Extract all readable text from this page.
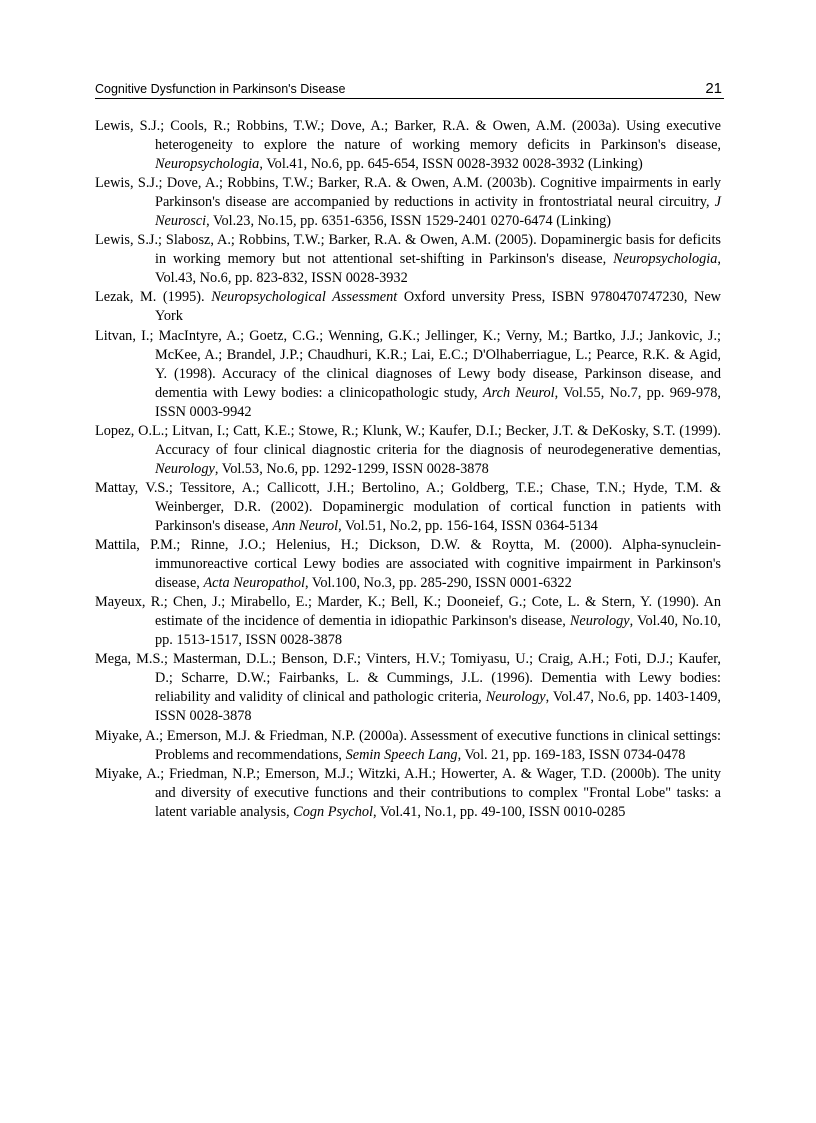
Cognitive Dysfunction in Parkinson's Disease	21

Lewis, S.J.; Cools, R.; Robbins, T.W.; Dove, A.; Barker, R.A. & Owen, A.M. (2003a). Using executive heterogeneity to explore the nature of working memory deficits in Parkinson's disease, Neuropsychologia, Vol.41, No.6, pp. 645-654, ISSN 0028-3932 0028-3932 (Linking)

Lewis, S.J.; Dove, A.; Robbins, T.W.; Barker, R.A. & Owen, A.M. (2003b). Cognitive impairments in early Parkinson's disease are accompanied by reductions in activity in frontostriatal neural circuitry, J Neurosci, Vol.23, No.15, pp. 6351-6356, ISSN 1529-2401 0270-6474 (Linking)

Lewis, S.J.; Slabosz, A.; Robbins, T.W.; Barker, R.A. & Owen, A.M. (2005). Dopaminergic basis for deficits in working memory but not attentional set-shifting in Parkinson's disease, Neuropsychologia, Vol.43, No.6, pp. 823-832, ISSN 0028-3932

Lezak, M. (1995). Neuropsychological Assessment Oxford unversity Press, ISBN 9780470747230, New York

Litvan, I.; MacIntyre, A.; Goetz, C.G.; Wenning, G.K.; Jellinger, K.; Verny, M.; Bartko, J.J.; Jankovic, J.; McKee, A.; Brandel, J.P.; Chaudhuri, K.R.; Lai, E.C.; D'Olhaberriague, L.; Pearce, R.K. & Agid, Y. (1998). Accuracy of the clinical diagnoses of Lewy body disease, Parkinson disease, and dementia with Lewy bodies: a clinicopathologic study, Arch Neurol, Vol.55, No.7, pp. 969-978, ISSN 0003-9942

Lopez, O.L.; Litvan, I.; Catt, K.E.; Stowe, R.; Klunk, W.; Kaufer, D.I.; Becker, J.T. & DeKosky, S.T. (1999). Accuracy of four clinical diagnostic criteria for the diagnosis of neurodegenerative dementias, Neurology, Vol.53, No.6, pp. 1292-1299, ISSN 0028-3878

Mattay, V.S.; Tessitore, A.; Callicott, J.H.; Bertolino, A.; Goldberg, T.E.; Chase, T.N.; Hyde, T.M. & Weinberger, D.R. (2002). Dopaminergic modulation of cortical function in patients with Parkinson's disease, Ann Neurol, Vol.51, No.2, pp. 156-164, ISSN 0364-5134

Mattila, P.M.; Rinne, J.O.; Helenius, H.; Dickson, D.W. & Roytta, M. (2000). Alpha-synuclein-immunoreactive cortical Lewy bodies are associated with cognitive impairment in Parkinson's disease, Acta Neuropathol, Vol.100, No.3, pp. 285-290, ISSN 0001-6322

Mayeux, R.; Chen, J.; Mirabello, E.; Marder, K.; Bell, K.; Dooneief, G.; Cote, L. & Stern, Y. (1990). An estimate of the incidence of dementia in idiopathic Parkinson's disease, Neurology, Vol.40, No.10, pp. 1513-1517, ISSN 0028-3878

Mega, M.S.; Masterman, D.L.; Benson, D.F.; Vinters, H.V.; Tomiyasu, U.; Craig, A.H.; Foti, D.J.; Kaufer, D.; Scharre, D.W.; Fairbanks, L. & Cummings, J.L. (1996). Dementia with Lewy bodies: reliability and validity of clinical and pathologic criteria, Neurology, Vol.47, No.6, pp. 1403-1409, ISSN 0028-3878

Miyake, A.; Emerson, M.J. & Friedman, N.P. (2000a). Assessment of executive functions in clinical settings: Problems and recommendations, Semin Speech Lang, Vol. 21, pp. 169-183, ISSN 0734-0478

Miyake, A.; Friedman, N.P.; Emerson, M.J.; Witzki, A.H.; Howerter, A. & Wager, T.D. (2000b). The unity and diversity of executive functions and their contributions to complex "Frontal Lobe" tasks: a latent variable analysis, Cogn Psychol, Vol.41, No.1, pp. 49-100, ISSN 0010-0285
